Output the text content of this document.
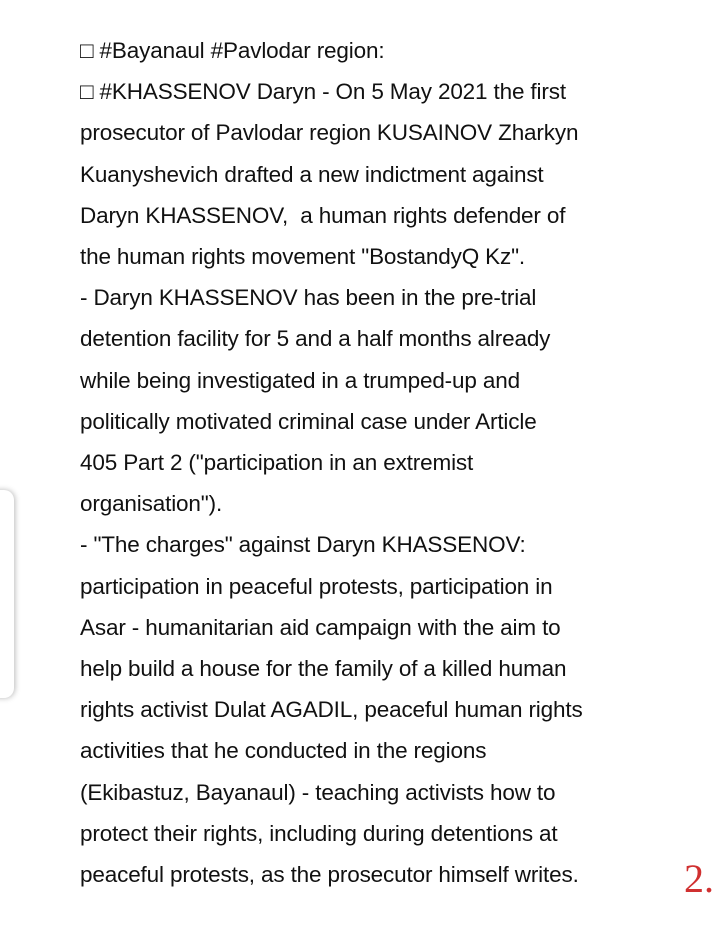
□ #Bayanaul #Pavlodar region:
□ #KHASSENOV Daryn - On 5 May 2021 the first
prosecutor of Pavlodar region KUSAINOV Zharkyn
Kuanyshevich drafted a new indictment against
Daryn KHASSENOV,  a human rights defender of
the human rights movement "BostandyQ Kz".
- Daryn KHASSENOV has been in the pre-trial
detention facility for 5 and a half months already
while being investigated in a trumped-up and
politically motivated criminal case under Article
405 Part 2 ("participation in an extremist
organisation").
- "The charges" against Daryn KHASSENOV:
participation in peaceful protests, participation in
Asar - humanitarian aid campaign with the aim to
help build a house for the family of a killed human
rights activist Dulat AGADIL, peaceful human rights
activities that he conducted in the regions
(Ekibastuz, Bayanaul) - teaching activists how to
protect their rights, including during detentions at
peaceful protests, as the prosecutor himself writes.	2.
